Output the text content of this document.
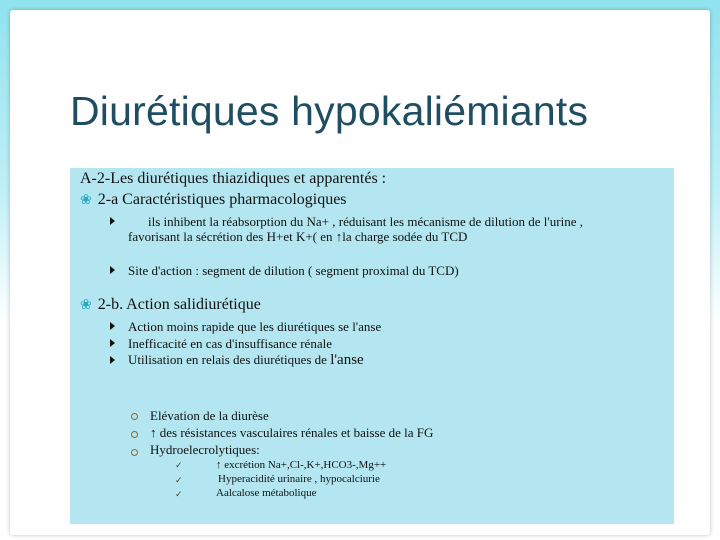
Diurétiques hypokaliémiants
A-2-Les diurétiques thiazidiques et apparentés :
❀ 2-a Caractéristiques pharmacologiques
ils inhibent la réabsorption du Na+ , réduisant les mécanisme de dilution de l'urine ,
favorisant la sécrétion des H+et K+( en ↑la charge sodée du TCD
Site d'action : segment de dilution ( segment proximal du TCD)
❀ 2-b. Action salidiurétique
Action moins rapide que les diurétiques se l'anse
Inefficacité en cas d'insuffisance rénale
Utilisation en relais des diurétiques de l'anse
Elévation de la diurèse
↑ des résistances vasculaires rénales et baisse de la FG
Hydroelecrolytiques:
✓	↑ excrétion Na+,Cl-,K+,HCO3-,Mg++
✓	Hyperacidité urinaire , hypocalciurie
✓	Aalcalose métabolique
